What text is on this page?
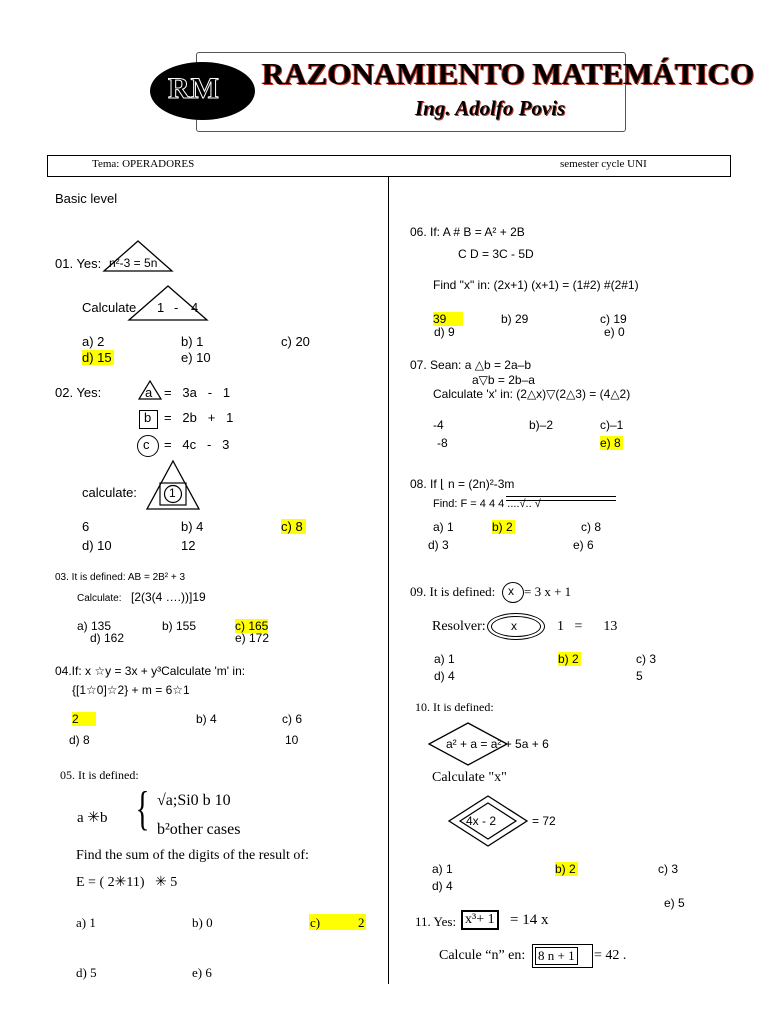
RM RAZONAMIENTO MATEMÁTICO
Ing. Adolfo Povis
Tema: OPERADORES	semester cycle UNI
Basic level
01. Yes: n²-3 = 5n
Calculate 1 - 4
a) 2	b) 1	c) 20
d) 15	e) 10
02. Yes:	a =   3a   -   1
b =   2b   +   1
c =   4c   -   3
calculate:	1
6	b) 4	c) 8
d) 10	12
03. It is defined: AB = 2B² + 3
Calculate: [2(3(4 ….))]19
a) 135	b) 155	c) 165
d) 162	e) 172
04.If: x ☆y = 3x + y³Calculate 'm' in:
{[1☆0]☆2} + m = 6☆1
2	b) 4	c) 6
d) 8	10
05. It is defined:
a ✳b { √a;Si0 b 10
b²other cases
Find the sum of the digits of the result of:
E = ( 2✳11) ✳ 5
a) 1	b) 0	c)	2
d) 5	e) 6
06. If: A # B = A² + 2B
C D = 3C - 5D
Find "x" in: (2x+1) (x+1) = (1#2) #(2#1)
39	b) 29	c) 19
d) 9	e) 0
07. Sean: a △b = 2a–b
a▽b = 2b–a
Calculate 'x' in: (2△x)▽(2△3) = (4△2)
-4	b)–2	c)–1
-8	e) 8
08. If ⌊ n = (2n)²-3m
Find: F = 4 4 4 ....√.. √
a) 1	b) 2	c) 8
d) 3	e) 6
09. It is defined: x = 3 x + 1
Resolver: x	1   =      13
a) 1	b) 2	c) 3
d) 4	5
10. It is defined:
a² + a = a² + 5a + 6
Calculate "x"
4x - 2	= 72
a) 1	b) 2	c) 3
d) 4
e) 5
11. Yes: x³+ 1 = 14 x
Calcule “n” en: 8 n + 1 = 42 .
